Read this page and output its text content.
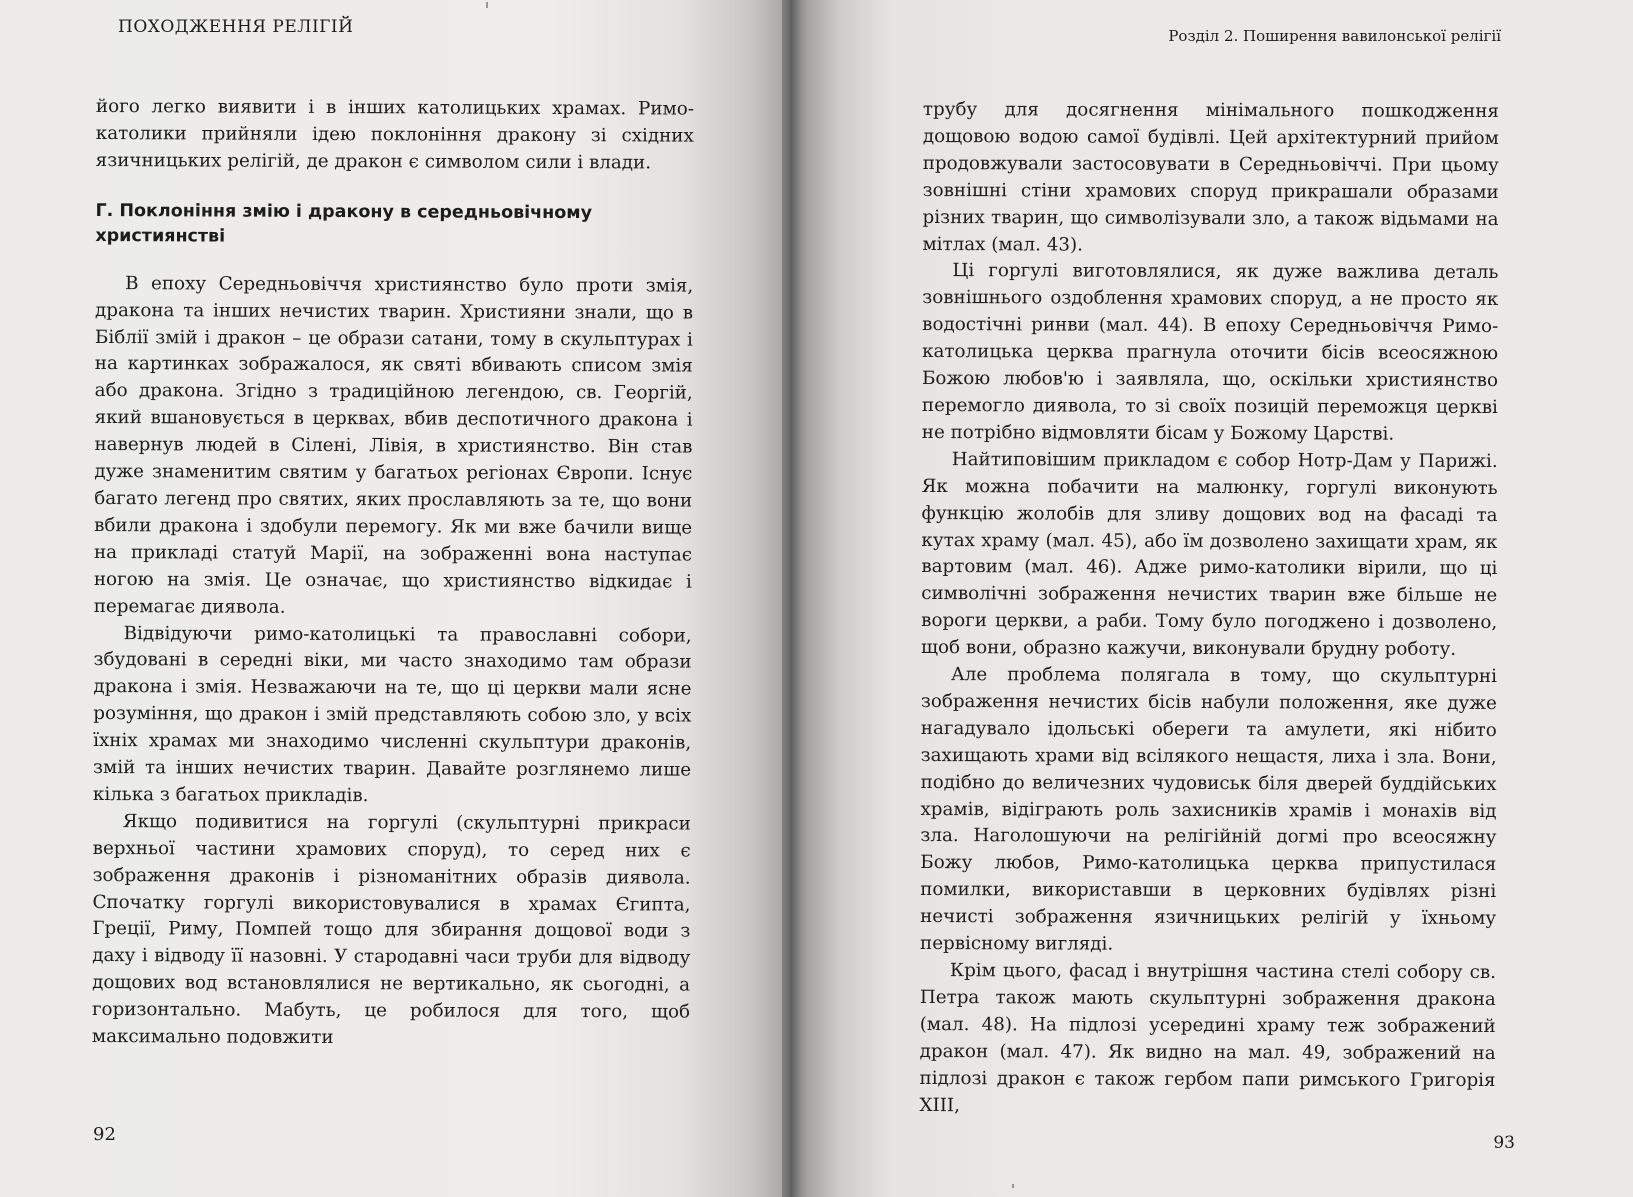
ПОХОДЖЕННЯ РЕЛІГІЙ

його легко виявити і в інших католицьких храмах. Римо-католики прийняли ідею поклоніння дракону зі східних язичницьких релігій, де дракон є символом сили і влади.

Г. Поклоніння змію і дракону в середньовічному християнстві

В епоху Середньовіччя християнство було проти змія, дракона та інших нечистих тварин. Християни знали, що в Біблії змій і дракон – це образи сатани, тому в скульптурах і на картинках зображалося, як святі вбивають списом змія або дракона. Згідно з традиційною легендою, св. Георгій, який вшановується в церквах, вбив деспотичного дракона і навернув людей в Сілені, Лівія, в християнство. Він став дуже знаменитим святим у багатьох регіонах Європи. Існує багато легенд про святих, яких прославляють за те, що вони вбили дракона і здобули перемогу. Як ми вже бачили вище на прикладі статуй Марії, на зображенні вона наступає ногою на змія. Це означає, що християнство відкидає і перемагає диявола.

Відвідуючи римо-католицькі та православні собори, збудовані в середні віки, ми часто знаходимо там образи дракона і змія. Незважаючи на те, що ці церкви мали ясне розуміння, що дракон і змій представляють собою зло, у всіх їхніх храмах ми знаходимо численні скульптури драконів, змій та інших нечистих тварин. Давайте розглянемо лише кілька з багатьох прикладів.

Якщо подивитися на горгулі (скульптурні прикраси верхньої частини храмових споруд), то серед них є зображення драконів і різноманітних образів диявола. Спочатку горгулі використовувалися в храмах Єгипта, Греції, Риму, Помпей тощо для збирання дощової води з даху і відводу її назовні. У стародавні часи труби для відводу дощових вод встановлялися не вертикально, як сьогодні, а горизонтально. Мабуть, це робилося для того, щоб максимально подовжити

92
Розділ 2. Поширення вавилонської релігії

трубу для досягнення мінімального пошкодження дощовою водою самої будівлі. Цей архітектурний прийом продовжували застосовувати в Середньовіччі. При цьому зовнішні стіни храмових споруд прикрашали образами різних тварин, що символізували зло, а також відьмами на мітлах (мал. 43).

Ці горгулі виготовлялися, як дуже важлива деталь зовнішнього оздоблення храмових споруд, а не просто як водостічні ринви (мал. 44). В епоху Середньовіччя Римо-католицька церква прагнула оточити бісів всеосяжною Божою любов'ю і заявляла, що, оскільки християнство перемогло диявола, то зі своїх позицій переможця церкві не потрібно відмовляти бісам у Божому Царстві.

Найтиповішим прикладом є собор Нотр-Дам у Парижі. Як можна побачити на малюнку, горгулі виконують функцію жолобів для зливу дощових вод на фасаді та кутах храму (мал. 45), або їм дозволено захищати храм, як вартовим (мал. 46). Адже римо-католики вірили, що ці символічні зображення нечистих тварин вже більше не вороги церкви, а раби. Тому було погоджено і дозволено, щоб вони, образно кажучи, виконували брудну роботу.

Але проблема полягала в тому, що скульптурні зображення нечистих бісів набули положення, яке дуже нагадувало ідольські обереги та амулети, які нібито захищають храми від всілякого нещастя, лиха і зла. Вони, подібно до величезних чудовиськ біля дверей буддійських храмів, відіграють роль захисників храмів і монахів від зла. Наголошуючи на релігійній догмі про всеосяжну Божу любов, Римо-католицька церква припустилася помилки, використавши в церковних будівлях різні нечисті зображення язичницьких релігій у їхньому первісному вигляді.

Крім цього, фасад і внутрішня частина стелі собору св. Петра також мають скульптурні зображення дракона (мал. 48). На підлозі усередині храму теж зображений дракон (мал. 47). Як видно на мал. 49, зображений на підлозі дракон є також гербом папи римського Григорія XIII,

93
